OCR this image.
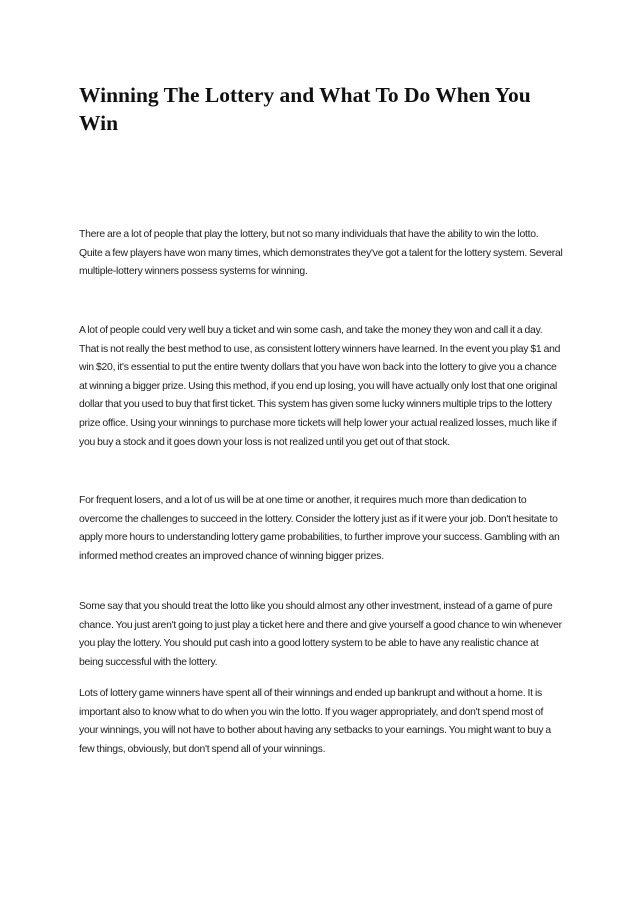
Winning The Lottery and What To Do When You Win

There are a lot of people that play the lottery, but not so many individuals that have the ability to win the lotto. Quite a few players have won many times, which demonstrates they've got a talent for the lottery system. Several multiple-lottery winners possess systems for winning.

A lot of people could very well buy a ticket and win some cash, and take the money they won and call it a day. That is not really the best method to use, as consistent lottery winners have learned. In the event you play $1 and win $20, it's essential to put the entire twenty dollars that you have won back into the lottery to give you a chance at winning a bigger prize. Using this method, if you end up losing, you will have actually only lost that one original dollar that you used to buy that first ticket. This system has given some lucky winners multiple trips to the lottery prize office. Using your winnings to purchase more tickets will help lower your actual realized losses, much like if you buy a stock and it goes down your loss is not realized until you get out of that stock.

For frequent losers, and a lot of us will be at one time or another, it requires much more than dedication to overcome the challenges to succeed in the lottery. Consider the lottery just as if it were your job. Don't hesitate to apply more hours to understanding lottery game probabilities, to further improve your success. Gambling with an informed method creates an improved chance of winning bigger prizes.

Some say that you should treat the lotto like you should almost any other investment, instead of a game of pure chance. You just aren't going to just play a ticket here and there and give yourself a good chance to win whenever you play the lottery. You should put cash into a good lottery system to be able to have any realistic chance at being successful with the lottery.

Lots of lottery game winners have spent all of their winnings and ended up bankrupt and without a home. It is important also to know what to do when you win the lotto. If you wager appropriately, and don't spend most of your winnings, you will not have to bother about having any setbacks to your earnings. You might want to buy a few things, obviously, but don't spend all of your winnings.
